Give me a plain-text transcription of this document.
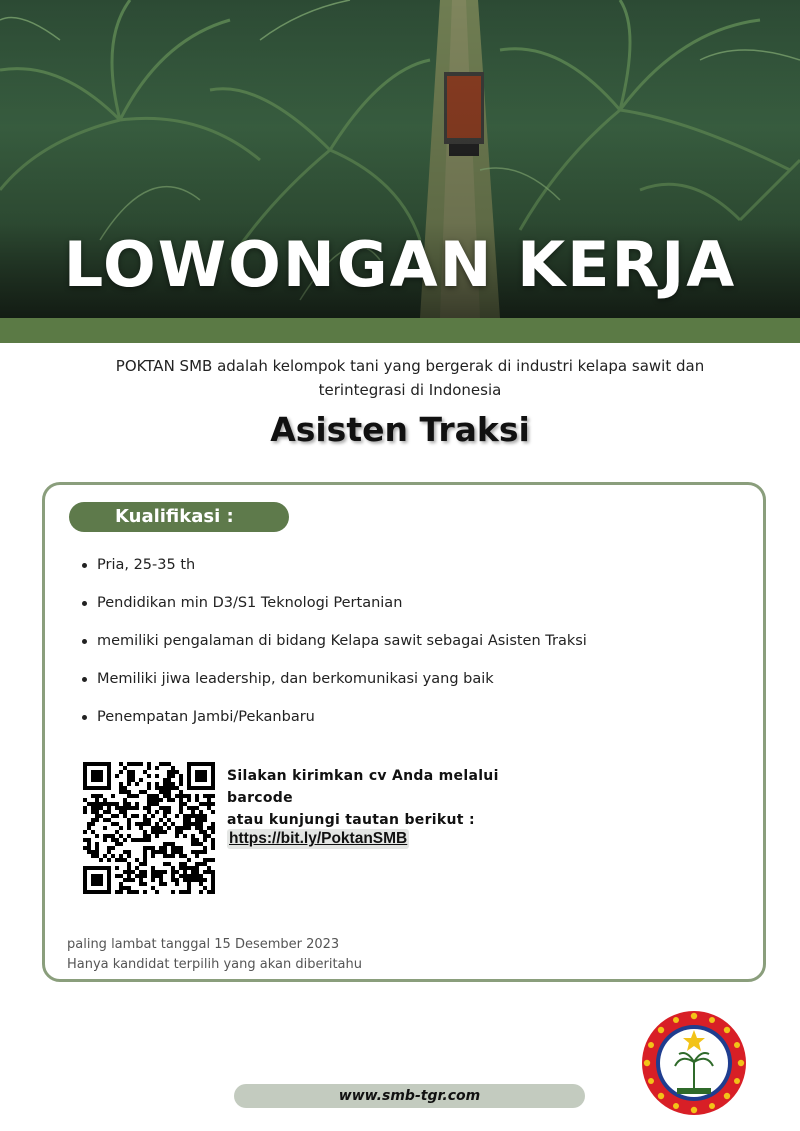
LOWONGAN KERJA
POKTAN SMB adalah kelompok tani yang bergerak di industri kelapa sawit dan
terintegrasi di Indonesia
Asisten Traksi
Kualifikasi :
Pria, 25-35 th
Pendidikan min D3/S1 Teknologi Pertanian
memiliki pengalaman di bidang Kelapa sawit sebagai Asisten Traksi
Memiliki jiwa leadership, dan berkomunikasi yang baik
Penempatan Jambi/Pekanbaru
Silakan kirimkan cv Anda melalui barcode
atau kunjungi tautan berikut :
https://bit.ly/PoktanSMB
paling lambat tanggal 15 Desember 2023
Hanya kandidat terpilih yang akan diberitahu
www.smb-tgr.com
